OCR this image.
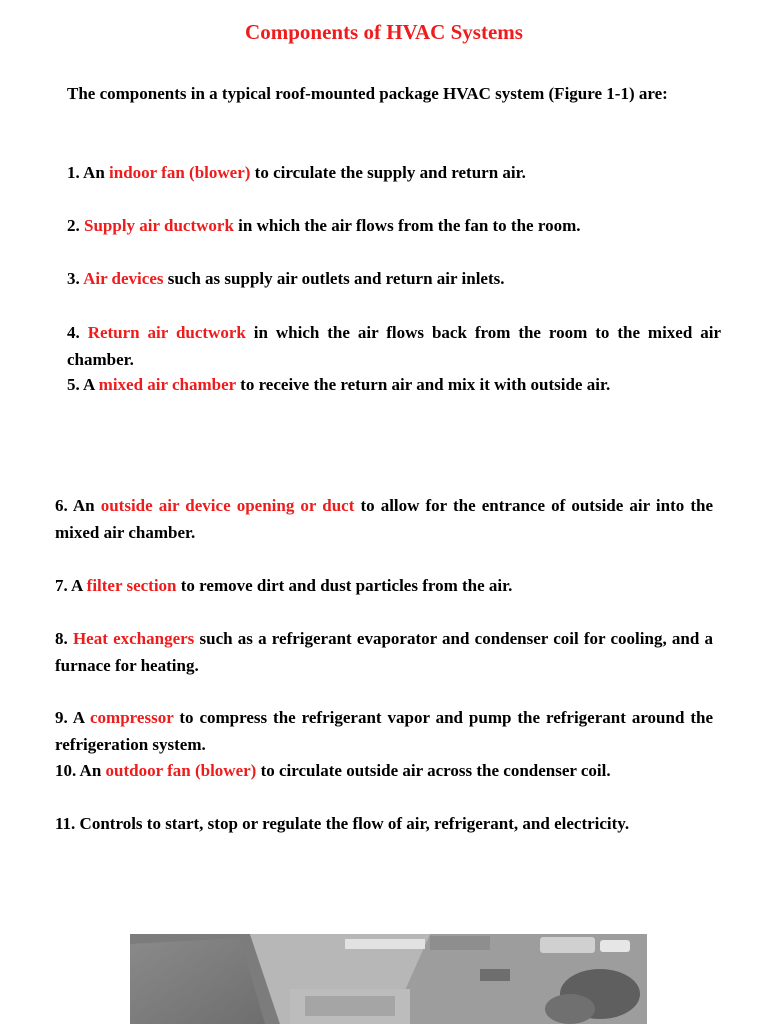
Components of HVAC Systems
The components in a typical roof-mounted package HVAC system (Figure 1-1) are:
1. An indoor fan (blower) to circulate the supply and return air.
2. Supply air ductwork in which the air flows from the fan to the room.
3. Air devices such as supply air outlets and return air inlets.
4. Return air ductwork in which the air flows back from the room to the mixed air chamber.
5. A mixed air chamber to receive the return air and mix it with outside air.
6. An outside air device opening or duct to allow for the entrance of outside air into the mixed air chamber.
7. A filter section to remove dirt and dust particles from the air.
8. Heat exchangers such as a refrigerant evaporator and condenser coil for cooling, and a furnace for heating.
9. A compressor to compress the refrigerant vapor and pump the refrigerant around the refrigeration system.
10. An outdoor fan (blower) to circulate outside air across the condenser coil.
11. Controls to start, stop or regulate the flow of air, refrigerant, and electricity.
